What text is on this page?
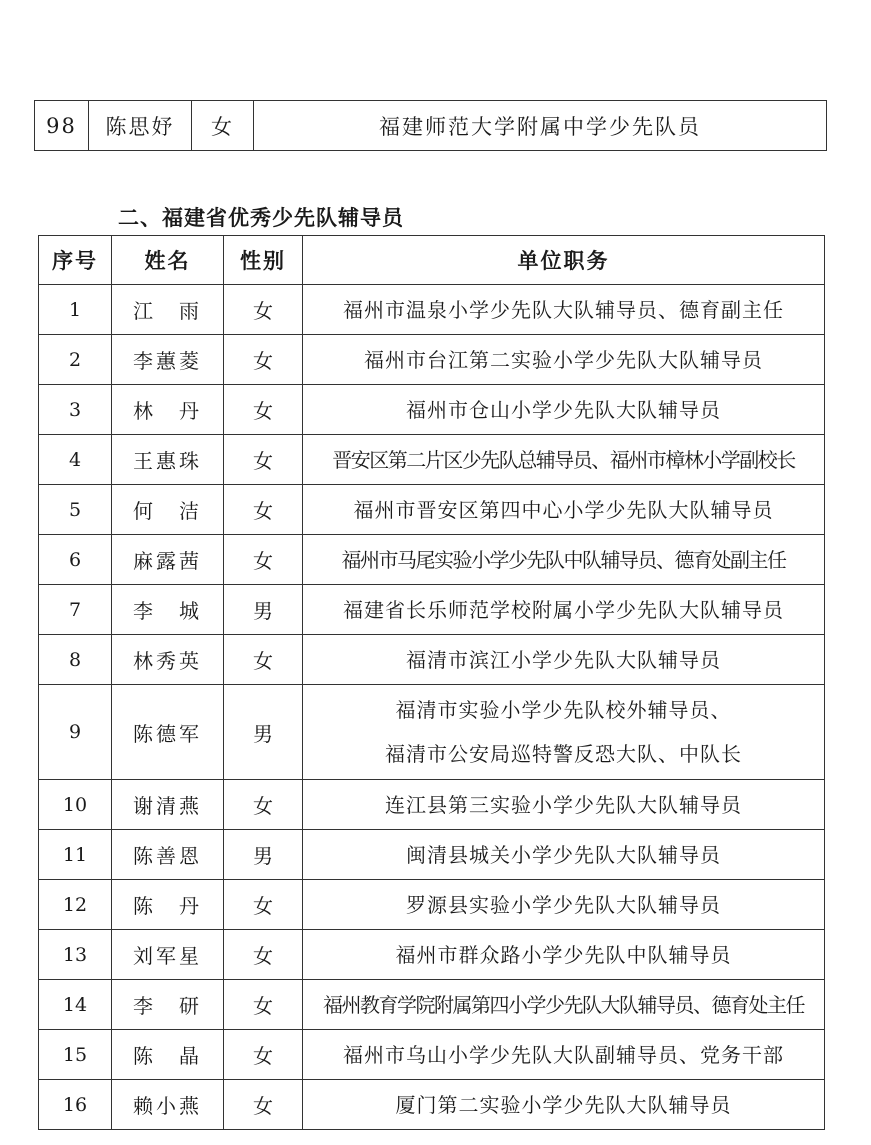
98	陈思妤	女	福建师范大学附属中学少先队员
二、福建省优秀少先队辅导员
序号	姓名	性别	单位职务
1	江　雨	女	福州市温泉小学少先队大队辅导员、德育副主任

2	李蕙菱	女	福州市台江第二实验小学少先队大队辅导员

3	林　丹	女	福州市仓山小学少先队大队辅导员

4	王惠珠	女	晋安区第二片区少先队总辅导员、福州市樟林小学副校长

5	何　洁	女	福州市晋安区第四中心小学少先队大队辅导员

6	麻露茜	女	福州市马尾实验小学少先队中队辅导员、德育处副主任

7	李　城	男	福建省长乐师范学校附属小学少先队大队辅导员

8	林秀英	女	福清市滨江小学少先队大队辅导员

9	陈德军	男	福清市实验小学少先队校外辅导员、
福清市公安局巡特警反恐大队、中队长

10	谢清燕	女	连江县第三实验小学少先队大队辅导员

11	陈善恩	男	闽清县城关小学少先队大队辅导员

12	陈　丹	女	罗源县实验小学少先队大队辅导员

13	刘军星	女	福州市群众路小学少先队中队辅导员

14	李　研	女	福州教育学院附属第四小学少先队大队辅导员、德育处主任

15	陈　晶	女	福州市乌山小学少先队大队副辅导员、党务干部

16	赖小燕	女	厦门第二实验小学少先队大队辅导员
